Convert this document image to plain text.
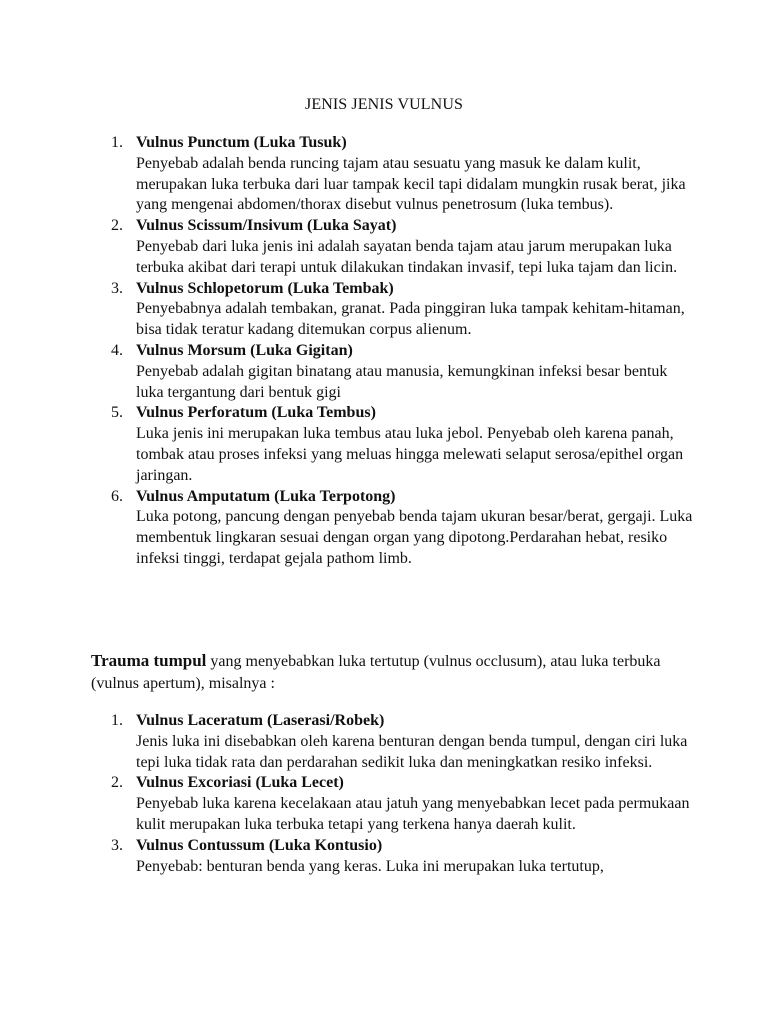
JENIS JENIS VULNUS
1. Vulnus Punctum (Luka Tusuk)
Penyebab adalah benda runcing tajam atau sesuatu yang masuk ke dalam kulit, merupakan luka terbuka dari luar tampak kecil tapi didalam mungkin rusak berat, jika yang mengenai abdomen/thorax disebut vulnus penetrosum (luka tembus).
2. Vulnus Scissum/Insivum (Luka Sayat)
Penyebab dari luka jenis ini adalah sayatan benda tajam atau jarum merupakan luka terbuka akibat dari terapi untuk dilakukan tindakan invasif, tepi luka tajam dan licin.
3. Vulnus Schlopetorum (Luka Tembak)
Penyebabnya adalah tembakan, granat. Pada pinggiran luka tampak kehitam-hitaman, bisa tidak teratur kadang ditemukan corpus alienum.
4. Vulnus Morsum (Luka Gigitan)
Penyebab adalah gigitan binatang atau manusia, kemungkinan infeksi besar bentuk luka tergantung dari bentuk gigi
5. Vulnus Perforatum (Luka Tembus)
Luka jenis ini merupakan luka tembus atau luka jebol. Penyebab oleh karena panah, tombak atau proses infeksi yang meluas hingga melewati selaput serosa/epithel organ jaringan.
6. Vulnus Amputatum (Luka Terpotong)
Luka potong, pancung dengan penyebab benda tajam ukuran besar/berat, gergaji. Luka membentuk lingkaran sesuai dengan organ yang dipotong.Perdarahan hebat, resiko infeksi tinggi, terdapat gejala pathom limb.

Trauma tumpul yang menyebabkan luka tertutup (vulnus occlusum), atau luka terbuka (vulnus apertum), misalnya :

1. Vulnus Laceratum (Laserasi/Robek)
Jenis luka ini disebabkan oleh karena benturan dengan benda tumpul, dengan ciri luka tepi luka tidak rata dan perdarahan sedikit luka dan meningkatkan resiko infeksi.
2. Vulnus Excoriasi (Luka Lecet)
Penyebab luka karena kecelakaan atau jatuh yang menyebabkan lecet pada permukaan kulit merupakan luka terbuka tetapi yang terkena hanya daerah kulit.
3. Vulnus Contussum (Luka Kontusio)
Penyebab: benturan benda yang keras. Luka ini merupakan luka tertutup,
